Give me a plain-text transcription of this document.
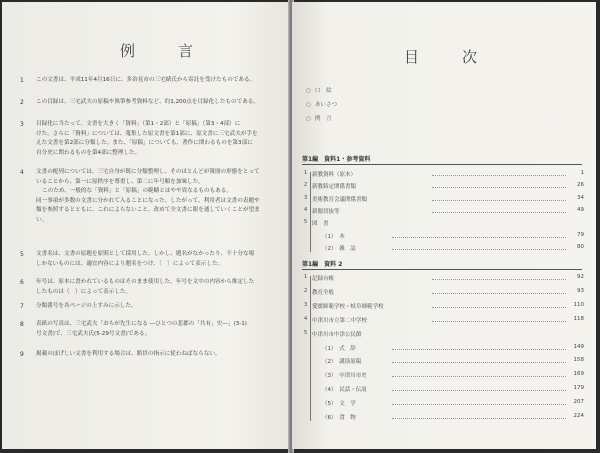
例　言
1	この文書は、平成11年4月16日に、多治見市の三宅緒氏から寄託を受けたものである。
2	この目録は、三宅武夫の原稿や執筆参考資料など、約1,200点を目録化したものである。
3	目録化に当たって、文書を大きく「資料」（第1・2部）と「原稿」（第3・4部）に
けた。さらに「資料」については、蒐集した原文書を第1部に、原文書に三宅武夫が手を
えた文書を第2部に分類した。また、「原稿」についても、著作に関わるものを第3部に
自分史に関わるものを第4部に整理した。
4	文書の配列については、三宅自身が既に分類整理し、そのほとんどが簿冊の形態をとって
いることから、第一に原秩序を尊重し、第二に年号順を加味した。
このため、一般的な「資料」と「原稿」の範疇とはやや異なるものもある。
同一事項が多数の文書に分かれて入ることになった。したがって、利用者は文書の表題や
類を参照するとともに、これによらないこと、改めて全文書に眼を通していくことが望ま
い。
5	文書名は、文書の原題を原則として採用した。しかし、題名がなかったり、不十分な場
しかないものには、適宜内容により題名をつけ、〔　〕によって表示した。
6	年号は、原本に書かれているものはそのまま使用した。年号を文中の内容から推定した
したものは（　）によって表示した。
7	分類番号を各ページの上すみに示した。
8	表紙の写真は、三宅武夫「おらが先生になる ―ひとつの悲郡の「共有」史―」(3-1)
号文書)で、三宅武夫氏(5-29号文書)である。
9	掲載のぼげしい文書を利用する場合は、館員の指示に従わねばならない。
目　次
○ 口　絵
○ あいさつ
○ 例　言
第1編　資料1・参考資料
1 新教資料（原本）	1
2 新教鋳定関係書類	26
3 美術教育会議関係書類	34
4 新聞切抜等	49
5 図　書
（1）　本	79
（2）　雑　誌	80
第1編　資料 2
1 記録台帳	92
2 教育全般	93
3 愛媛師範学校・岐阜師範学校	110
4 中津川市立第二中学校	118
5 中津川市中津公民館
（1）　式　辞	149
（2）　講演原稿	158
（3）　中津川市史	169
（4）　民話・伝説	179
（5）　文　学	207
（6）　食　物	224
